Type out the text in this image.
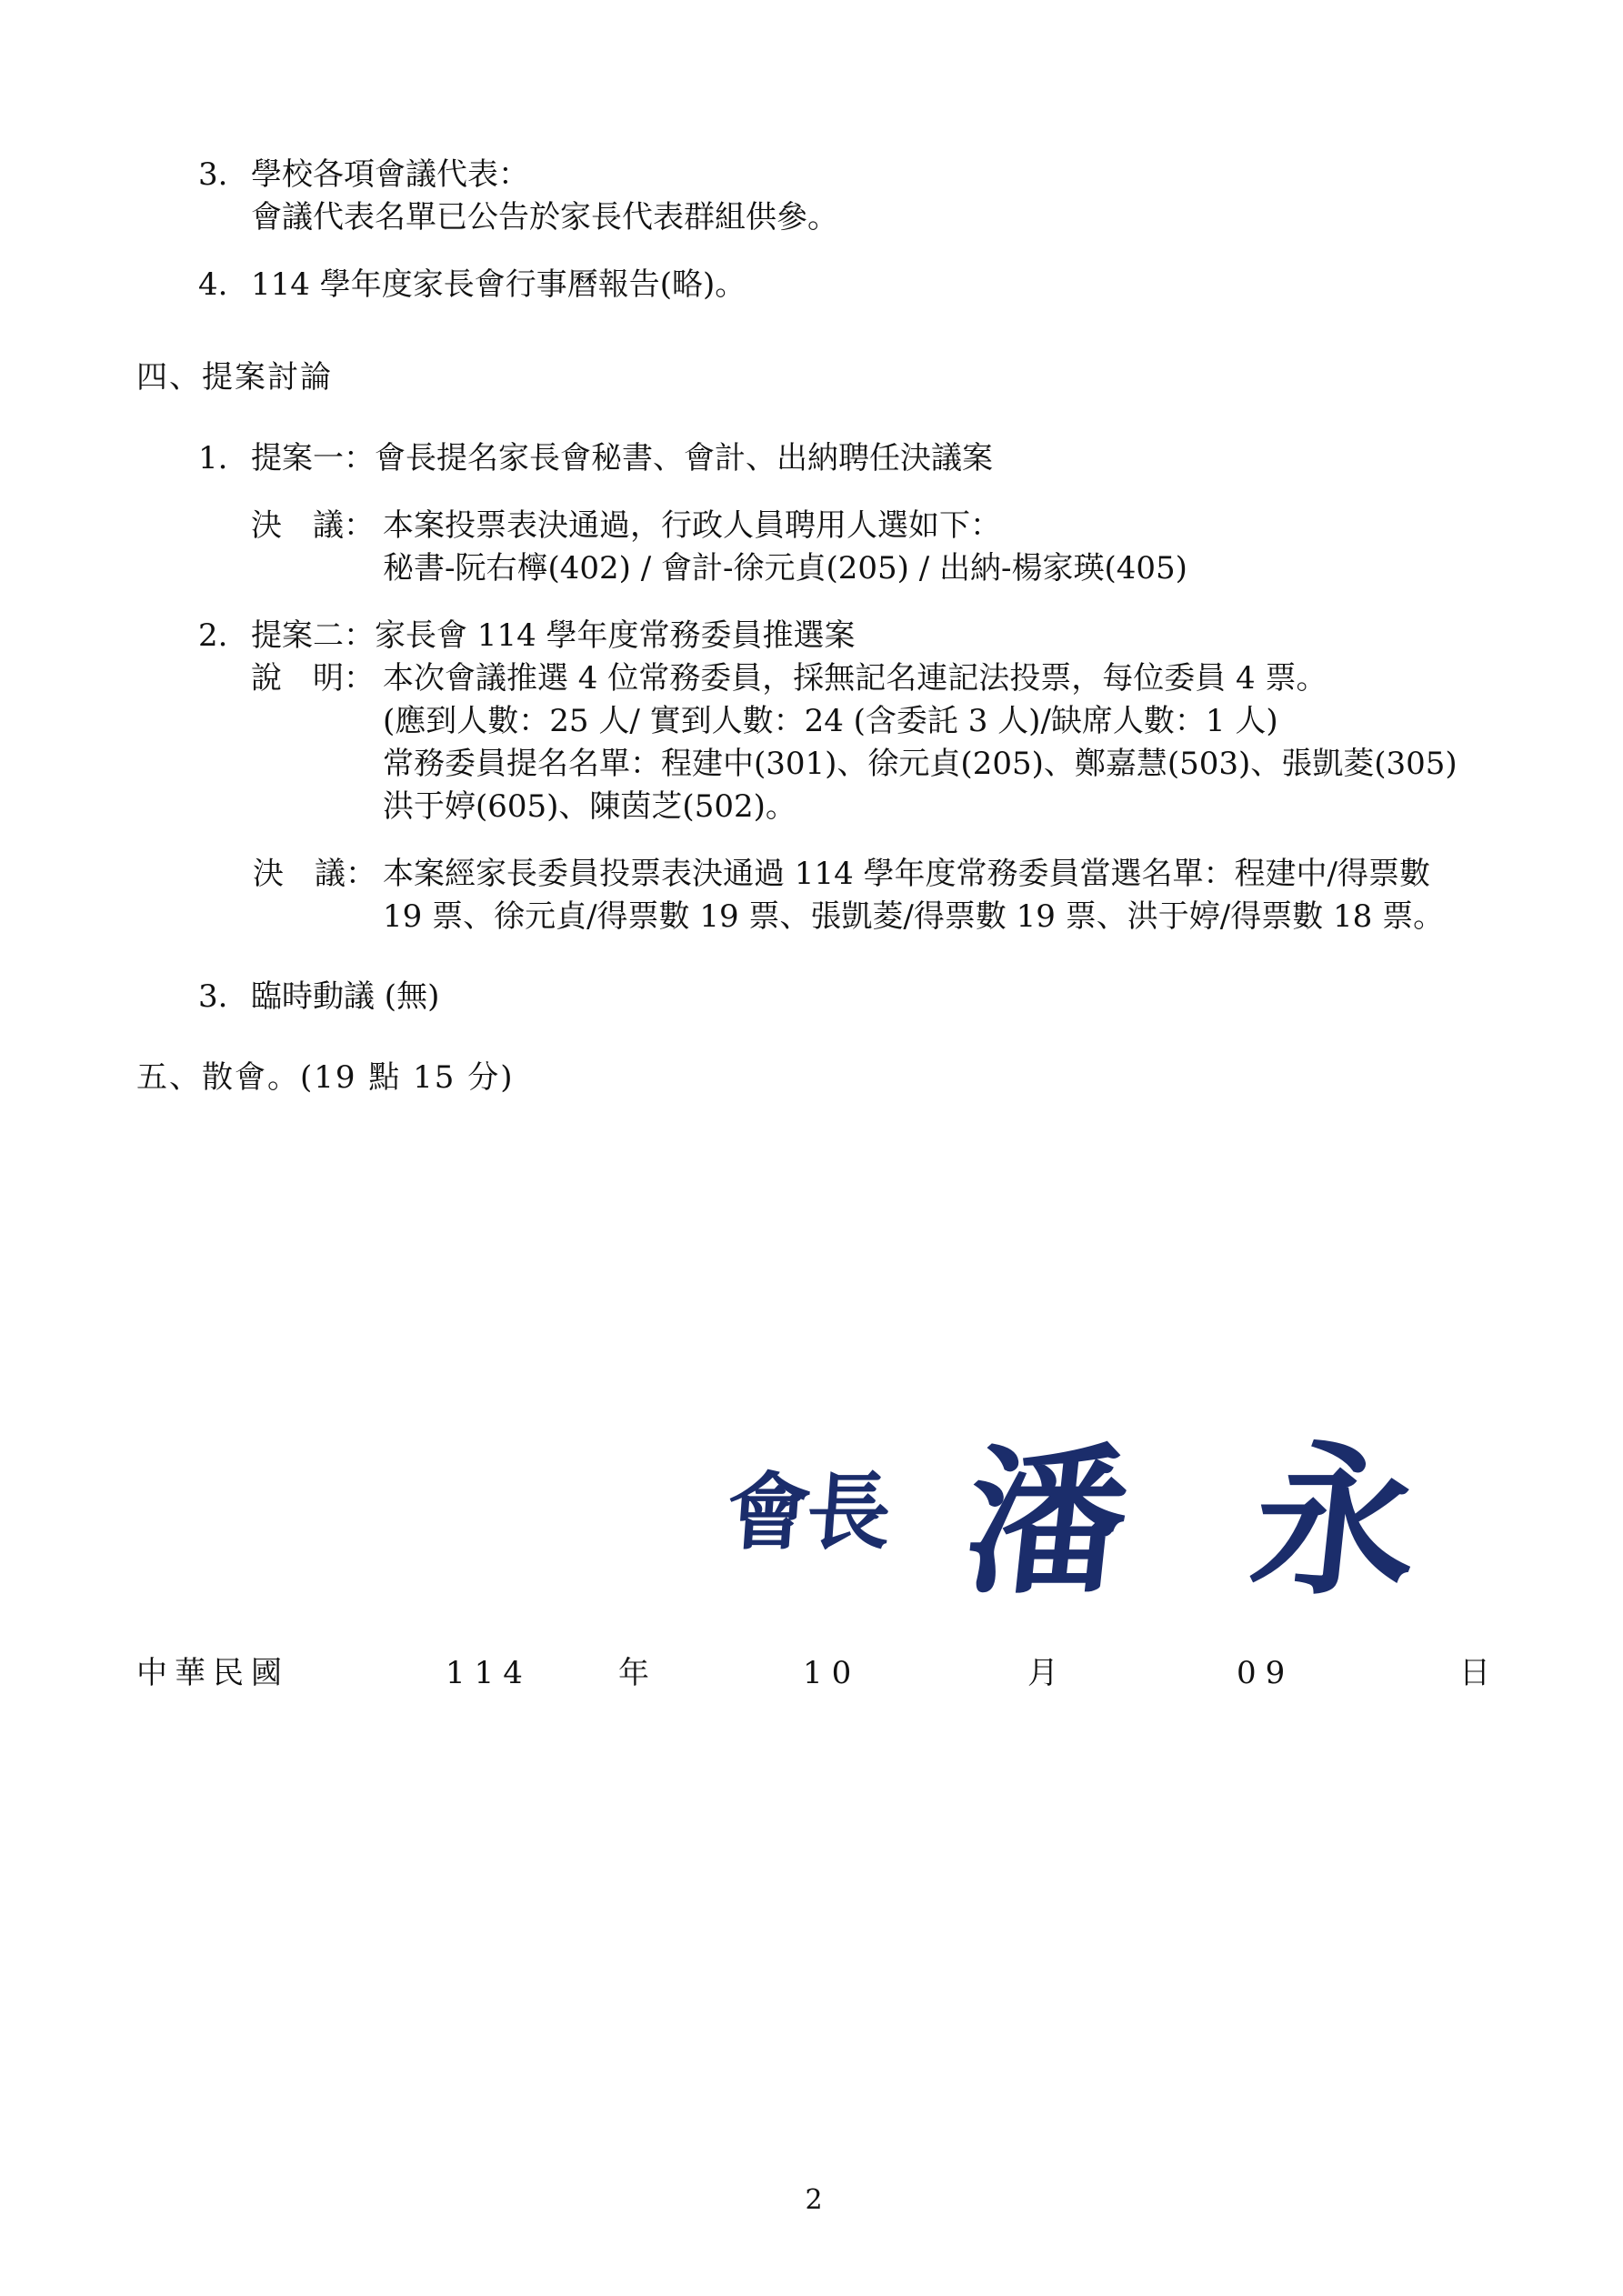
3. 學校各項會議代表：
會議代表名單已公告於家長代表群組供參。
4. 114 學年度家長會行事曆報告(略)。
四、提案討論
1. 提案一：會長提名家長會秘書、會計、出納聘任決議案
決　議： 本案投票表決通過，行政人員聘用人選如下：
秘書-阮右檸(402) / 會計-徐元貞(205) / 出納-楊家瑛(405)
2. 提案二：家長會 114 學年度常務委員推選案
說　明： 本次會議推選 4 位常務委員，採無記名連記法投票，每位委員 4 票。
(應到人數：25 人/ 實到人數：24 (含委託 3 人)/缺席人數：1 人)
常務委員提名名單：程建中(301)、徐元貞(205)、鄭嘉慧(503)、張凱菱(305)
洪于婷(605)、陳茵芝(502)。
決　議： 本案經家長委員投票表決通過 114 學年度常務委員當選名單：程建中/得票數
19 票、徐元貞/得票數 19 票、張凱菱/得票數 19 票、洪于婷/得票數 18 票。
3. 臨時動議 (無)
五、散會。(19 點 15 分)
會長 潘 永
中華民國	114	年	10	月	09	日
2
